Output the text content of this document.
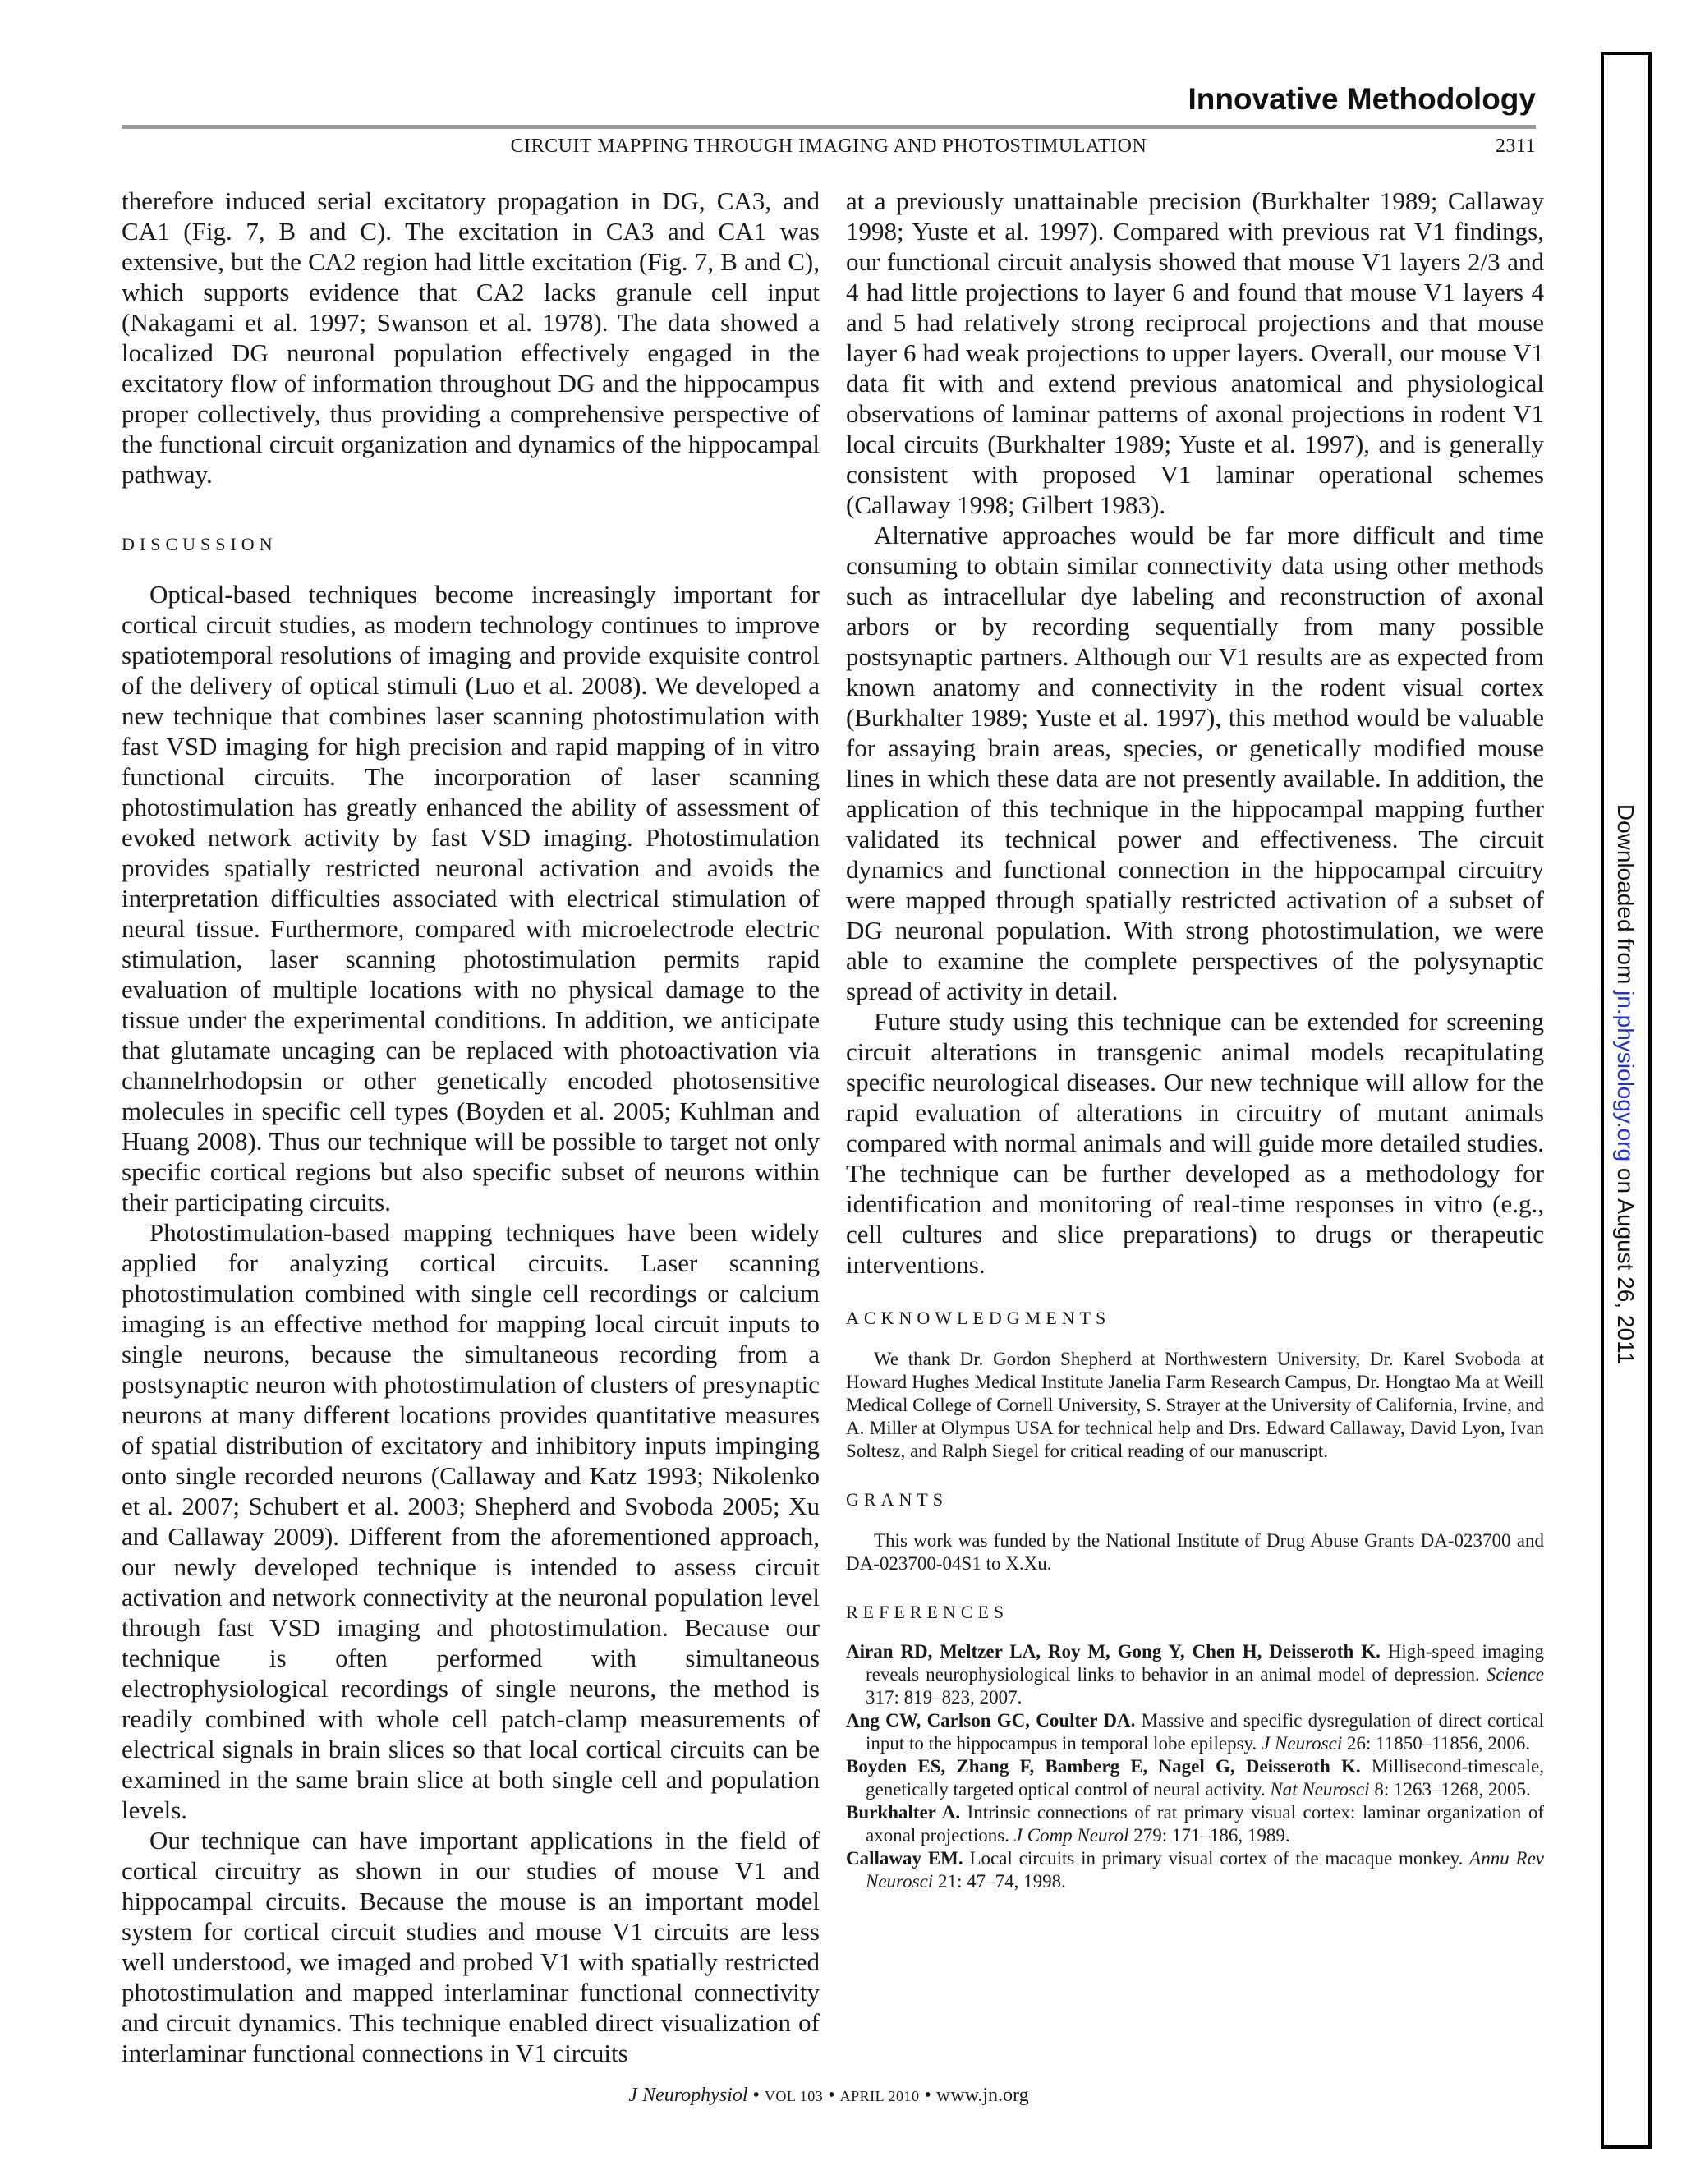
Innovative Methodology
CIRCUIT MAPPING THROUGH IMAGING AND PHOTOSTIMULATION	2311

therefore induced serial excitatory propagation in DG, CA3, and CA1 (Fig. 7, B and C). The excitation in CA3 and CA1 was extensive, but the CA2 region had little excitation (Fig. 7, B and C), which supports evidence that CA2 lacks granule cell input (Nakagami et al. 1997; Swanson et al. 1978). The data showed a localized DG neuronal population effectively engaged in the excitatory flow of information throughout DG and the hippocampus proper collectively, thus providing a comprehensive perspective of the functional circuit organization and dynamics of the hippocampal pathway.

DISCUSSION

Optical-based techniques become increasingly important for cortical circuit studies, as modern technology continues to improve spatiotemporal resolutions of imaging and provide exquisite control of the delivery of optical stimuli (Luo et al. 2008). We developed a new technique that combines laser scanning photostimulation with fast VSD imaging for high precision and rapid mapping of in vitro functional circuits. The incorporation of laser scanning photostimulation has greatly enhanced the ability of assessment of evoked network activity by fast VSD imaging. Photostimulation provides spatially restricted neuronal activation and avoids the interpretation difficulties associated with electrical stimulation of neural tissue. Furthermore, compared with microelectrode electric stimulation, laser scanning photostimulation permits rapid evaluation of multiple locations with no physical damage to the tissue under the experimental conditions. In addition, we anticipate that glutamate uncaging can be replaced with photoactivation via channelrhodopsin or other genetically encoded photosensitive molecules in specific cell types (Boyden et al. 2005; Kuhlman and Huang 2008). Thus our technique will be possible to target not only specific cortical regions but also specific subset of neurons within their participating circuits.

Photostimulation-based mapping techniques have been widely applied for analyzing cortical circuits. Laser scanning photostimulation combined with single cell recordings or calcium imaging is an effective method for mapping local circuit inputs to single neurons, because the simultaneous recording from a postsynaptic neuron with photostimulation of clusters of presynaptic neurons at many different locations provides quantitative measures of spatial distribution of excitatory and inhibitory inputs impinging onto single recorded neurons (Callaway and Katz 1993; Nikolenko et al. 2007; Schubert et al. 2003; Shepherd and Svoboda 2005; Xu and Callaway 2009). Different from the aforementioned approach, our newly developed technique is intended to assess circuit activation and network connectivity at the neuronal population level through fast VSD imaging and photostimulation. Because our technique is often performed with simultaneous electrophysiological recordings of single neurons, the method is readily combined with whole cell patch-clamp measurements of electrical signals in brain slices so that local cortical circuits can be examined in the same brain slice at both single cell and population levels.

Our technique can have important applications in the field of cortical circuitry as shown in our studies of mouse V1 and hippocampal circuits. Because the mouse is an important model system for cortical circuit studies and mouse V1 circuits are less well understood, we imaged and probed V1 with spatially restricted photostimulation and mapped interlaminar functional connectivity and circuit dynamics. This technique enabled direct visualization of interlaminar functional connections in V1 circuits

at a previously unattainable precision (Burkhalter 1989; Callaway 1998; Yuste et al. 1997). Compared with previous rat V1 findings, our functional circuit analysis showed that mouse V1 layers 2/3 and 4 had little projections to layer 6 and found that mouse V1 layers 4 and 5 had relatively strong reciprocal projections and that mouse layer 6 had weak projections to upper layers. Overall, our mouse V1 data fit with and extend previous anatomical and physiological observations of laminar patterns of axonal projections in rodent V1 local circuits (Burkhalter 1989; Yuste et al. 1997), and is generally consistent with proposed V1 laminar operational schemes (Callaway 1998; Gilbert 1983).

Alternative approaches would be far more difficult and time consuming to obtain similar connectivity data using other methods such as intracellular dye labeling and reconstruction of axonal arbors or by recording sequentially from many possible postsynaptic partners. Although our V1 results are as expected from known anatomy and connectivity in the rodent visual cortex (Burkhalter 1989; Yuste et al. 1997), this method would be valuable for assaying brain areas, species, or genetically modified mouse lines in which these data are not presently available. In addition, the application of this technique in the hippocampal mapping further validated its technical power and effectiveness. The circuit dynamics and functional connection in the hippocampal circuitry were mapped through spatially restricted activation of a subset of DG neuronal population. With strong photostimulation, we were able to examine the complete perspectives of the polysynaptic spread of activity in detail.

Future study using this technique can be extended for screening circuit alterations in transgenic animal models recapitulating specific neurological diseases. Our new technique will allow for the rapid evaluation of alterations in circuitry of mutant animals compared with normal animals and will guide more detailed studies. The technique can be further developed as a methodology for identification and monitoring of real-time responses in vitro (e.g., cell cultures and slice preparations) to drugs or therapeutic interventions.

ACKNOWLEDGMENTS

We thank Dr. Gordon Shepherd at Northwestern University, Dr. Karel Svoboda at Howard Hughes Medical Institute Janelia Farm Research Campus, Dr. Hongtao Ma at Weill Medical College of Cornell University, S. Strayer at the University of California, Irvine, and A. Miller at Olympus USA for technical help and Drs. Edward Callaway, David Lyon, Ivan Soltesz, and Ralph Siegel for critical reading of our manuscript.

GRANTS

This work was funded by the National Institute of Drug Abuse Grants DA-023700 and DA-023700-04S1 to X.Xu.

REFERENCES

Airan RD, Meltzer LA, Roy M, Gong Y, Chen H, Deisseroth K. High-speed imaging reveals neurophysiological links to behavior in an animal model of depression. Science 317: 819–823, 2007.

Ang CW, Carlson GC, Coulter DA. Massive and specific dysregulation of direct cortical input to the hippocampus in temporal lobe epilepsy. J Neurosci 26: 11850–11856, 2006.

Boyden ES, Zhang F, Bamberg E, Nagel G, Deisseroth K. Millisecond-timescale, genetically targeted optical control of neural activity. Nat Neurosci 8: 1263–1268, 2005.

Burkhalter A. Intrinsic connections of rat primary visual cortex: laminar organization of axonal projections. J Comp Neurol 279: 171–186, 1989.

Callaway EM. Local circuits in primary visual cortex of the macaque monkey. Annu Rev Neurosci 21: 47–74, 1998.

J Neurophysiol • VOL 103 • APRIL 2010 • www.jn.org
Downloaded from jn.physiology.org on August 26, 2011
